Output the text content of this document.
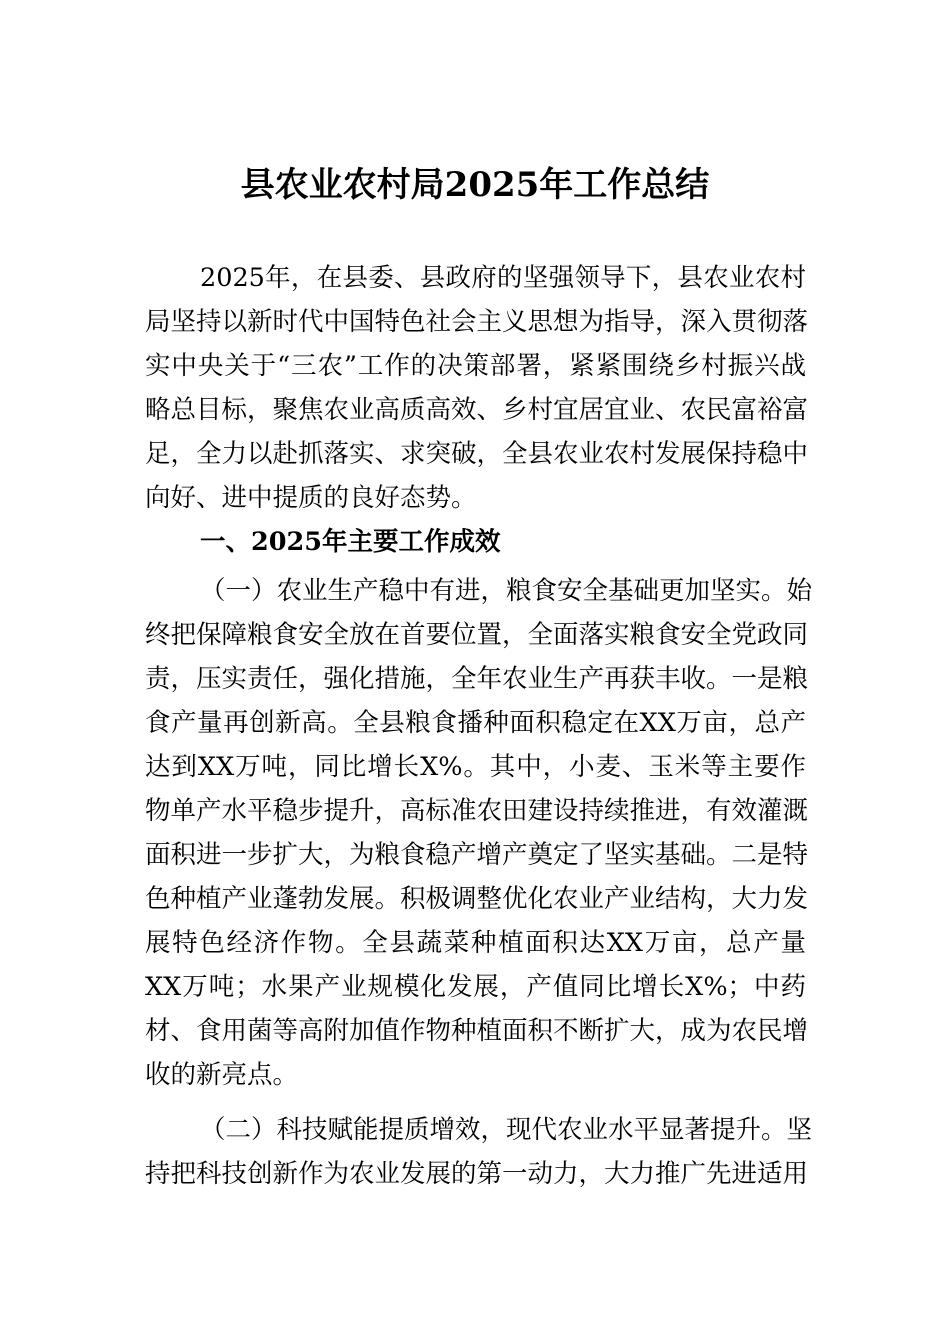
县农业农村局2025年工作总结
2025年，在县委、县政府的坚强领导下，县农业农村
局坚持以新时代中国特色社会主义思想为指导，深入贯彻落
实中央关于“三农”工作的决策部署，紧紧围绕乡村振兴战
略总目标，聚焦农业高质高效、乡村宜居宜业、农民富裕富
足，全力以赴抓落实、求突破，全县农业农村发展保持稳中
向好、进中提质的良好态势。
一、2025年主要工作成效
（一）农业生产稳中有进，粮食安全基础更加坚实。始
终把保障粮食安全放在首要位置，全面落实粮食安全党政同
责，压实责任，强化措施，全年农业生产再获丰收。一是粮
食产量再创新高。全县粮食播种面积稳定在XX万亩，总产
达到XX万吨，同比增长X%。其中，小麦、玉米等主要作
物单产水平稳步提升，高标准农田建设持续推进，有效灌溉
面积进一步扩大，为粮食稳产增产奠定了坚实基础。二是特
色种植产业蓬勃发展。积极调整优化农业产业结构，大力发
展特色经济作物。全县蔬菜种植面积达XX万亩，总产量
XX万吨；水果产业规模化发展，产值同比增长X%；中药
材、食用菌等高附加值作物种植面积不断扩大，成为农民增
收的新亮点。
（二）科技赋能提质增效，现代农业水平显著提升。坚
持把科技创新作为农业发展的第一动力，大力推广先进适用
